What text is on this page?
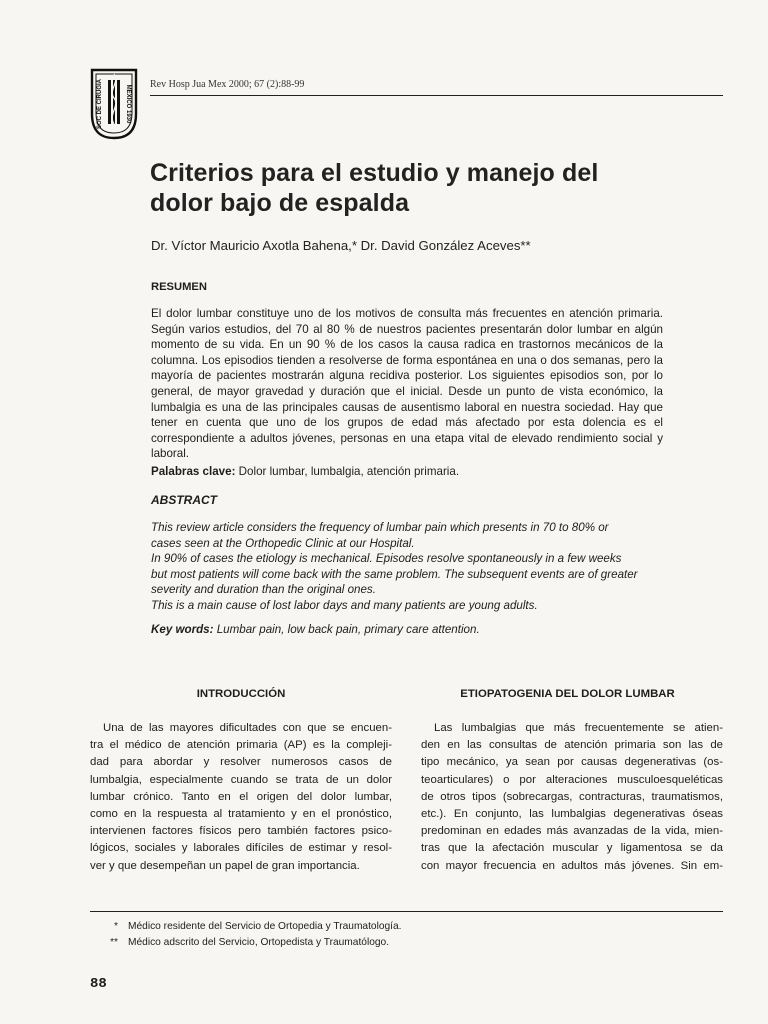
SOC DE CIRUGIA	MEXICO 1930
Rev Hosp Jua Mex 2000; 67 (2):88-99
Criterios para el estudio y manejo del
dolor bajo de espalda
Dr. Víctor Mauricio Axotla Bahena,* Dr. David González Aceves**
RESUMEN
El dolor lumbar constituye uno de los motivos de consulta más frecuentes en atención primaria. Según varios estudios, del 70 al 80 % de nuestros pacientes presentarán dolor lumbar en algún momento de su vida. En un 90 % de los casos la causa radica en trastornos mecánicos de la columna. Los episodios tienden a resolverse de forma espontánea en una o dos semanas, pero la mayoría de pacientes mostrarán alguna recidiva posterior. Los siguientes episodios son, por lo general, de mayor gravedad y duración que el inicial. Desde un punto de vista económico, la lumbalgia es una de las principales causas de ausentismo laboral en nuestra sociedad. Hay que tener en cuenta que uno de los grupos de edad más afectado por esta dolencia es el correspondiente a adultos jóvenes, personas en una etapa vital de elevado rendimiento social y laboral.
Palabras clave: Dolor lumbar, lumbalgia, atención primaria.
ABSTRACT
This review article considers the frequency of lumbar pain which presents in 70 to 80% or
cases seen at the Orthopedic Clinic at our Hospital.
In 90% of cases the etiology is mechanical. Episodes resolve spontaneously in a few weeks
but most patients will come back with the same problem. The subsequent events are of greater
severity and duration than the original ones.
This is a main cause of lost labor days and many patients are young adults.
Key words: Lumbar pain, low back pain, primary care attention.
INTRODUCCIÓN	ETIOPATOGENIA DEL DOLOR LUMBAR
Una de las mayores dificultades con que se encuen-
tra el médico de atención primaria (AP) es la compleji-
dad para abordar y resolver numerosos casos de
lumbalgia, especialmente cuando se trata de un dolor
lumbar crónico. Tanto en el origen del dolor lumbar,
como en la respuesta al tratamiento y en el pronóstico,
intervienen factores físicos pero también factores psico-
lógicos, sociales y laborales difíciles de estimar y resol-
ver y que desempeñan un papel de gran importancia.
Las lumbalgias que más frecuentemente se atien-
den en las consultas de atención primaria son las de
tipo mecánico, ya sean por causas degenerativas (os-
teoarticulares) o por alteraciones musculoesqueléticas
de otros tipos (sobrecargas, contracturas, traumatismos,
etc.). En conjunto, las lumbalgias degenerativas óseas
predominan en edades más avanzadas de la vida, mien-
tras que la afectación muscular y ligamentosa se da
con mayor frecuencia en adultos más jóvenes. Sin em-
* Médico residente del Servicio de Ortopedia y Traumatología.
** Médico adscrito del Servicio, Ortopedista y Traumatólogo.
88
